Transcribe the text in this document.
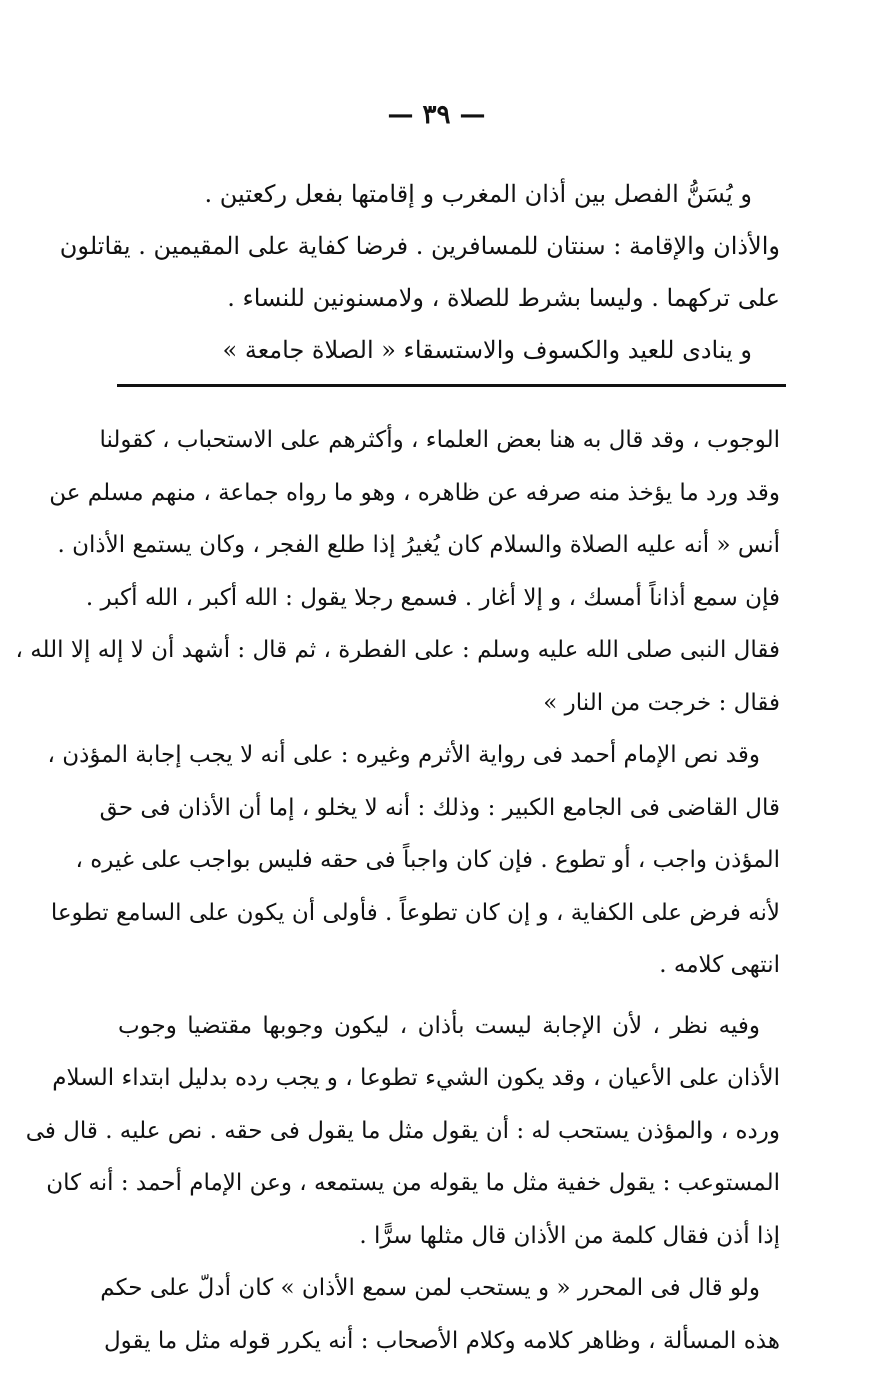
— ٣٩ —
و يُسَنُّ الفصل بين أذان المغرب و إقامتها بفعل ركعتين .
والأذان والإقامة : سنتان للمسافرين . فرضا كفاية على المقيمين . يقاتلون
على تركهما . وليسا بشرط للصلاة ، ولامسنونين للنساء .
و ينادى للعيد والكسوف والاستسقاء « الصلاة جامعة »
الوجوب ، وقد قال به هنا بعض العلماء ، وأكثرهم على الاستحباب ، كقولنا
وقد ورد ما يؤخذ منه صرفه عن ظاهره ، وهو ما رواه جماعة ، منهم مسلم عن
أنس « أنه عليه الصلاة والسلام كان يُغيرُ إذا طلع الفجر ، وكان يستمع الأذان .
فإن سمع أذاناً أمسك ، و إلا أغار . فسمع رجلا يقول : الله أكبر ، الله أكبر .
فقال النبى صلى الله عليه وسلم : على الفطرة ، ثم قال : أشهد أن لا إله إلا الله ،
فقال : خرجت من النار »
وقد نص الإمام أحمد فى رواية الأثرم وغيره : على أنه لا يجب إجابة المؤذن ،
قال القاضى فى الجامع الكبير : وذلك : أنه لا يخلو ، إما أن الأذان فى حق
المؤذن واجب ، أو تطوع . فإن كان واجباً فى حقه فليس بواجب على غيره ،
لأنه فرض على الكفاية ، و إن كان تطوعاً . فأولى أن يكون على السامع تطوعا
انتهى كلامه .
وفيه نظر ، لأن الإجابة ليست بأذان ، ليكون وجوبها مقتضيا وجوب
الأذان على الأعيان ، وقد يكون الشيء تطوعا ، و يجب رده بدليل ابتداء السلام
ورده ، والمؤذن يستحب له : أن يقول مثل ما يقول فى حقه . نص عليه . قال فى
المستوعب : يقول خفية مثل ما يقوله من يستمعه ، وعن الإمام أحمد : أنه كان
إذا أذن فقال كلمة من الأذان قال مثلها سرًّا .
ولو قال فى المحرر « و يستحب لمن سمع الأذان » كان أدلّ على حكم
هذه المسألة ، وظاهر كلامه وكلام الأصحاب : أنه يكرر قوله مثل ما يقول
